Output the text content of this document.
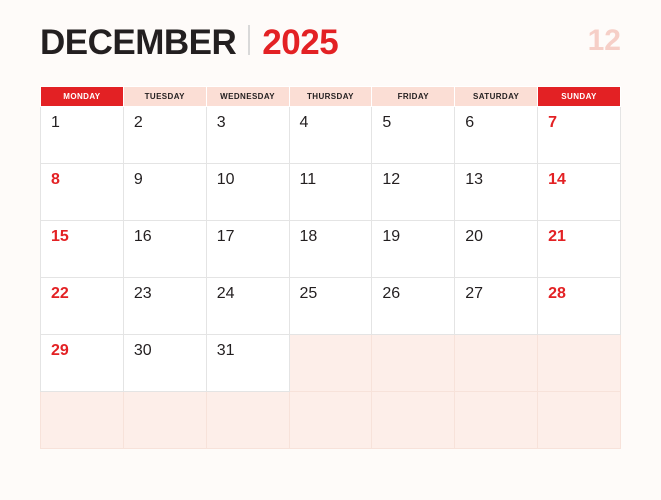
DECEMBER 2025	12
MONDAY	TUESDAY	WEDNESDAY	THURSDAY	FRIDAY	SATURDAY	SUNDAY
1	2	3	4	5	6	7
8	9	10	11	12	13	14
15	16	17	18	19	20	21
22	23	24	25	26	27	28
29	30	31				
